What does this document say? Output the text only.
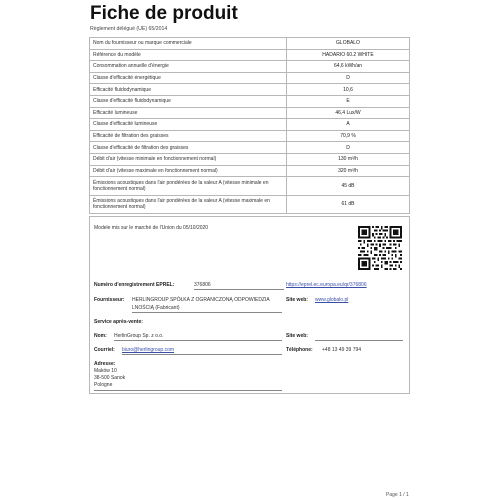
Fiche de produit
Règlement délégué (UE) 65/2014
Nom du fournisseur ou marque commerciale	GLOBALO
Référence du modèle	HADARIO 60.2 WHITE
Consommation annuelle d'énergie	64,6 kWh/an
Classe d'efficacité énergétique	D
Efficacité fluidodynamique	10,6
Classe d'efficacité fluidodynamique	E
Efficacité lumineuse	46,4 Lux/W
Classe d'efficacité lumineuse	A
Efficacité de filtration des graisses	70,9 %
Classe d'efficacité de filtration des graisses	D
Débit d'air (vitesse minimale en fonctionnement normal)	130 m³/h
Débit d'air (vitesse maximale en fonctionnement normal)	320 m³/h
Émissions acoustiques dans l'air pondérées de la valeur A (vitesse minimale en fonctionnement normal)	45 dB
Émissions acoustiques dans l'air pondérées de la valeur A (vitesse maximale en fonctionnement normal)	61 dB
Modele mis sur le marché de l'Union du 05/10/2020
Numéro d'enregistrement EPREL:	376806	https://eprel.ec.europa.eu/qr/376806
Fournisseur: HERLINGROUP SPÓŁKA Z OGRANICZONĄ ODPOWIEDZIA
LNOŚCIĄ (Fabricant)
Site web: www.globalo.pl
Service après-vente:
Nom: HerlinGroup Sp. z o.o.	Site web:
Courriel: biuro@herlingroup.com	Téléphone: +48 13 49 39 794
Adresse:
Maków 10
38-500 Sanok
Pologne
Page 1 / 1
